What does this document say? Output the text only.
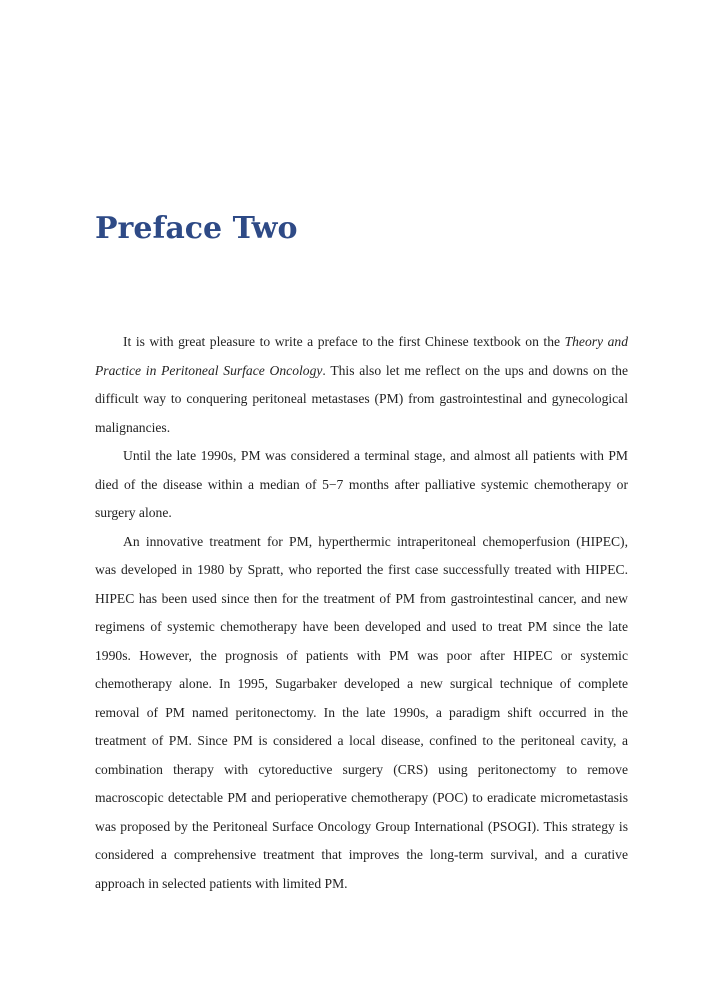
Preface Two

It is with great pleasure to write a preface to the first Chinese textbook on the Theory and Practice in Peritoneal Surface Oncology. This also let me reflect on the ups and downs on the difficult way to conquering peritoneal metastases (PM) from gastrointestinal and gynecological malignancies.

Until the late 1990s, PM was considered a terminal stage, and almost all patients with PM died of the disease within a median of 5−7 months after palliative systemic chemotherapy or surgery alone.

An innovative treatment for PM, hyperthermic intraperitoneal chemoperfusion (HIPEC), was developed in 1980 by Spratt, who reported the first case successfully treated with HIPEC. HIPEC has been used since then for the treatment of PM from gastrointestinal cancer, and new regimens of systemic chemotherapy have been developed and used to treat PM since the late 1990s. However, the prognosis of patients with PM was poor after HIPEC or systemic chemotherapy alone. In 1995, Sugarbaker developed a new surgical technique of complete removal of PM named peritonectomy. In the late 1990s, a paradigm shift occurred in the treatment of PM. Since PM is considered a local disease, confined to the peritoneal cavity, a combination therapy with cytoreductive surgery (CRS) using peritonectomy to remove macroscopic detectable PM and perioperative chemotherapy (POC) to eradicate micrometastasis was proposed by the Peritoneal Surface Oncology Group International (PSOGI). This strategy is considered a comprehensive treatment that improves the long-term survival, and a curative approach in selected patients with limited PM.
